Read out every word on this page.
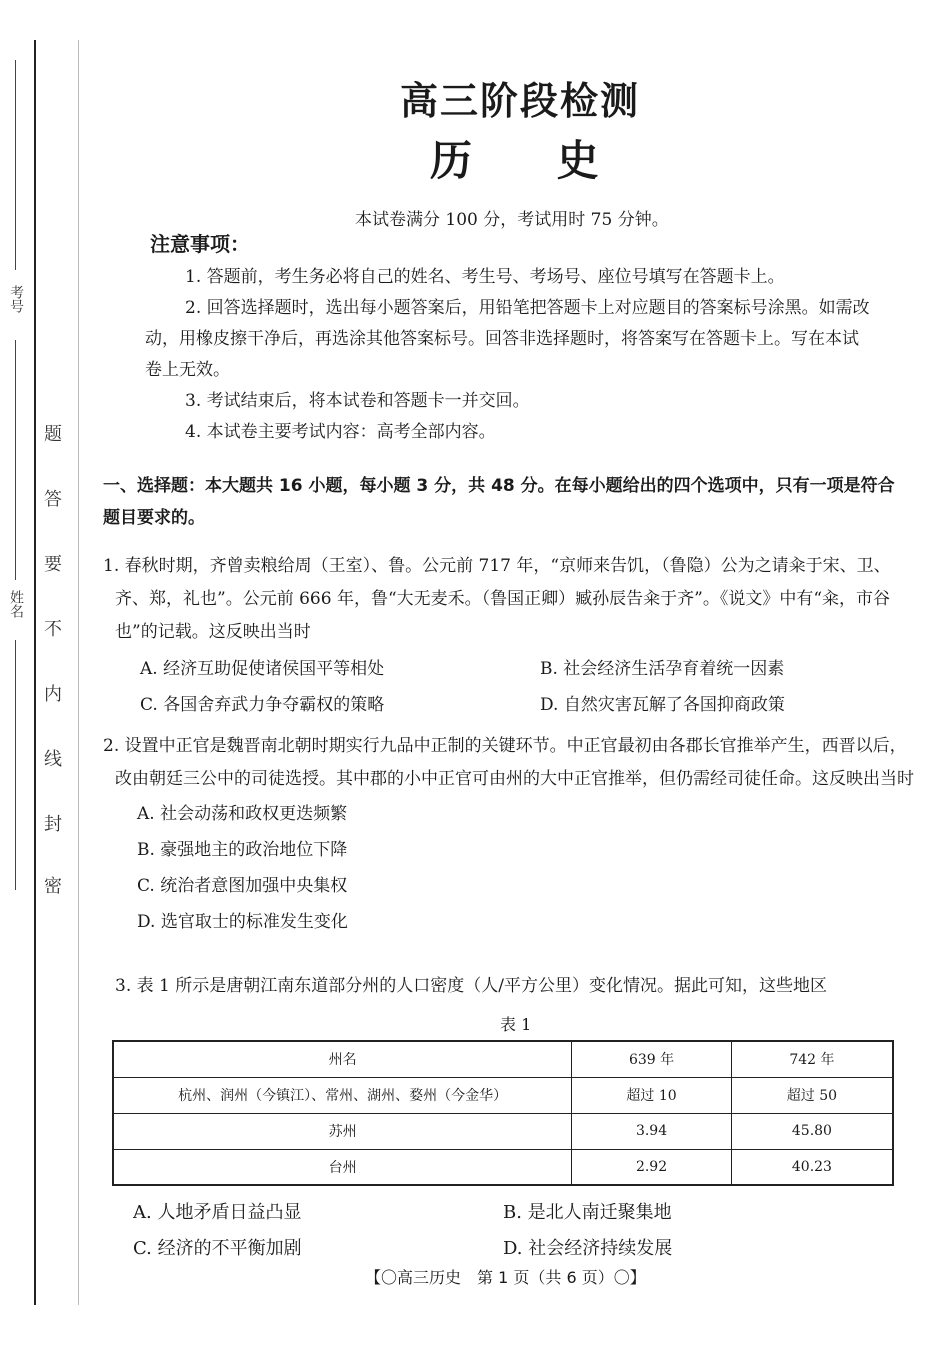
考号
姓名
题
答
要
不
内
线
封
密
高三阶段检测
历 史
本试卷满分 100 分，考试用时 75 分钟。
注意事项：

1. 答题前，考生务必将自己的姓名、考生号、考场号、座位号填写在答题卡上。

2. 回答选择题时，选出每小题答案后，用铅笔把答题卡上对应题目的答案标号涂黑。如需改动，用橡皮擦干净后，再选涂其他答案标号。回答非选择题时，将答案写在答题卡上。写在本试卷上无效。

3. 考试结束后，将本试卷和答题卡一并交回。

4. 本试卷主要考试内容：高考全部内容。

一、选择题：本大题共 16 小题，每小题 3 分，共 48 分。在每小题给出的四个选项中，只有一项是符合题目要求的。
1. 春秋时期，齐曾卖粮给周（王室）、鲁。公元前 717 年，“京师来告饥，（鲁隐）公为之请籴于宋、卫、齐、郑，礼也”。公元前 666 年，鲁“大无麦禾。（鲁国正卿）臧孙辰告籴于齐”。《说文》中有“籴，市谷也”的记载。这反映出当时
A. 经济互助促使诸侯国平等相处	B. 社会经济生活孕育着统一因素
C. 各国舍弃武力争夺霸权的策略	D. 自然灾害瓦解了各国抑商政策
2. 设置中正官是魏晋南北朝时期实行九品中正制的关键环节。中正官最初由各郡长官推举产生，西晋以后，改由朝廷三公中的司徒选授。其中郡的小中正官可由州的大中正官推举，但仍需经司徒任命。这反映出当时
A. 社会动荡和政权更迭频繁
B. 豪强地主的政治地位下降
C. 统治者意图加强中央集权
D. 选官取士的标准发生变化
3. 表 1 所示是唐朝江南东道部分州的人口密度（人/平方公里）变化情况。据此可知，这些地区
表 1
州名	639 年	742 年
杭州、润州（今镇江）、常州、湖州、婺州（今金华）	超过 10	超过 50
苏州	3.94	45.80
台州	2.92	40.23
A. 人地矛盾日益凸显	B. 是北人南迁聚集地
C. 经济的不平衡加剧	D. 社会经济持续发展
【〇高三历史　第 1 页（共 6 页）〇】
